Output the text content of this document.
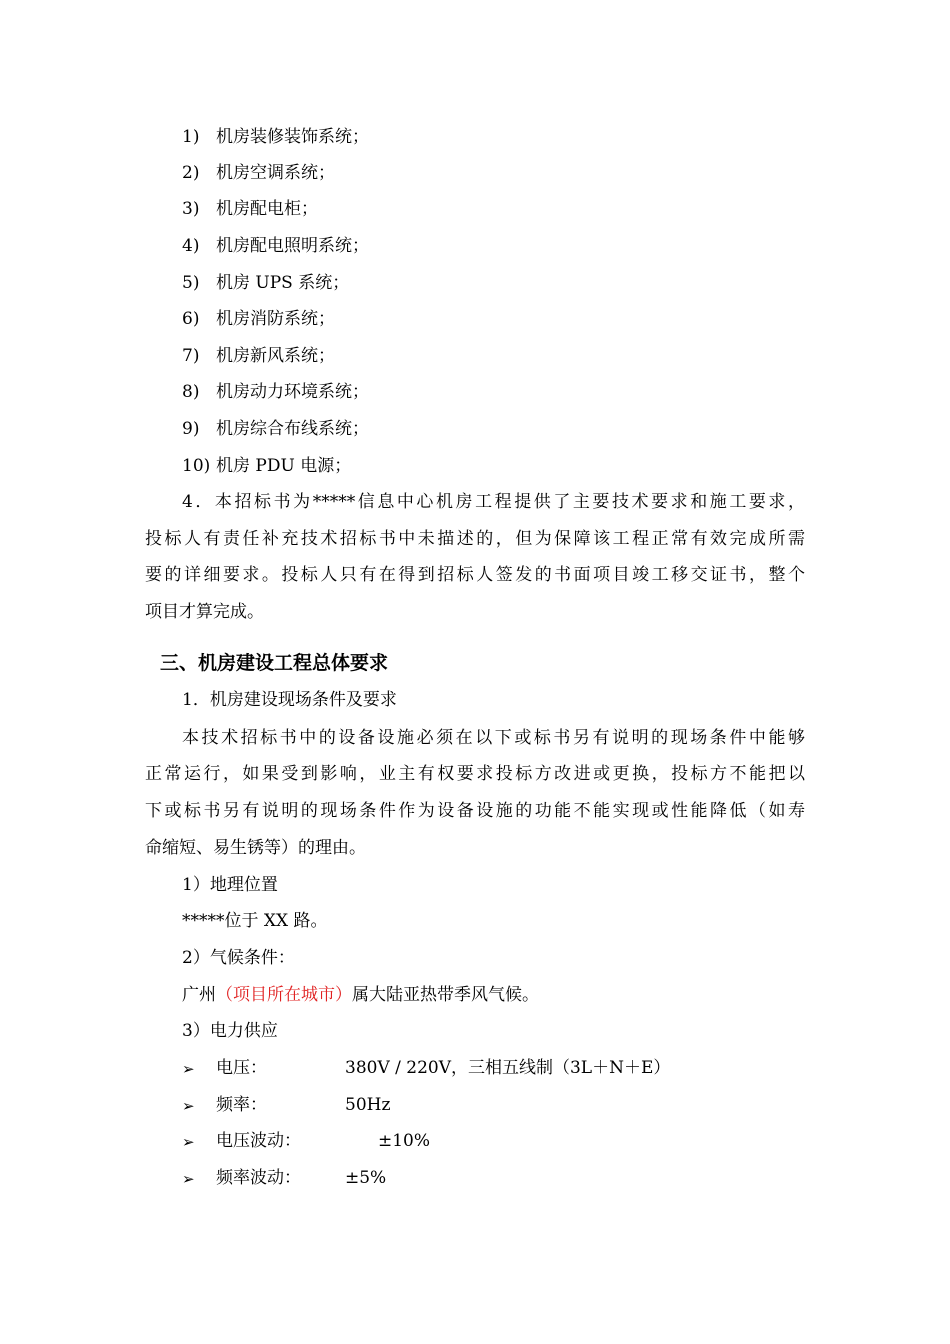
1) 机房装修装饰系统；
2) 机房空调系统；
3) 机房配电柜；
4) 机房配电照明系统；
5) 机房 UPS 系统；
6) 机房消防系统；
7) 机房新风系统；
8) 机房动力环境系统；
9) 机房综合布线系统；
10) 机房 PDU 电源；
4．本招标书为*****信息中心机房工程提供了主要技术要求和施工要求，
投标人有责任补充技术招标书中未描述的，但为保障该工程正常有效完成所需
要的详细要求。投标人只有在得到招标人签发的书面项目竣工移交证书，整个
项目才算完成。
三、机房建设工程总体要求
1．机房建设现场条件及要求
本技术招标书中的设备设施必须在以下或标书另有说明的现场条件中能够
正常运行，如果受到影响，业主有权要求投标方改进或更换，投标方不能把以
下或标书另有说明的现场条件作为设备设施的功能不能实现或性能降低（如寿
命缩短、易生锈等）的理由。
1）地理位置
*****位于 XX 路。
2）气候条件：
广州（项目所在城市）属大陆亚热带季风气候。
3）电力供应
➢ 电压：	380V / 220V，三相五线制（3L＋N＋E）
➢ 频率：	50Hz
➢ 电压波动：	±10%
➢ 频率波动：	±5%
